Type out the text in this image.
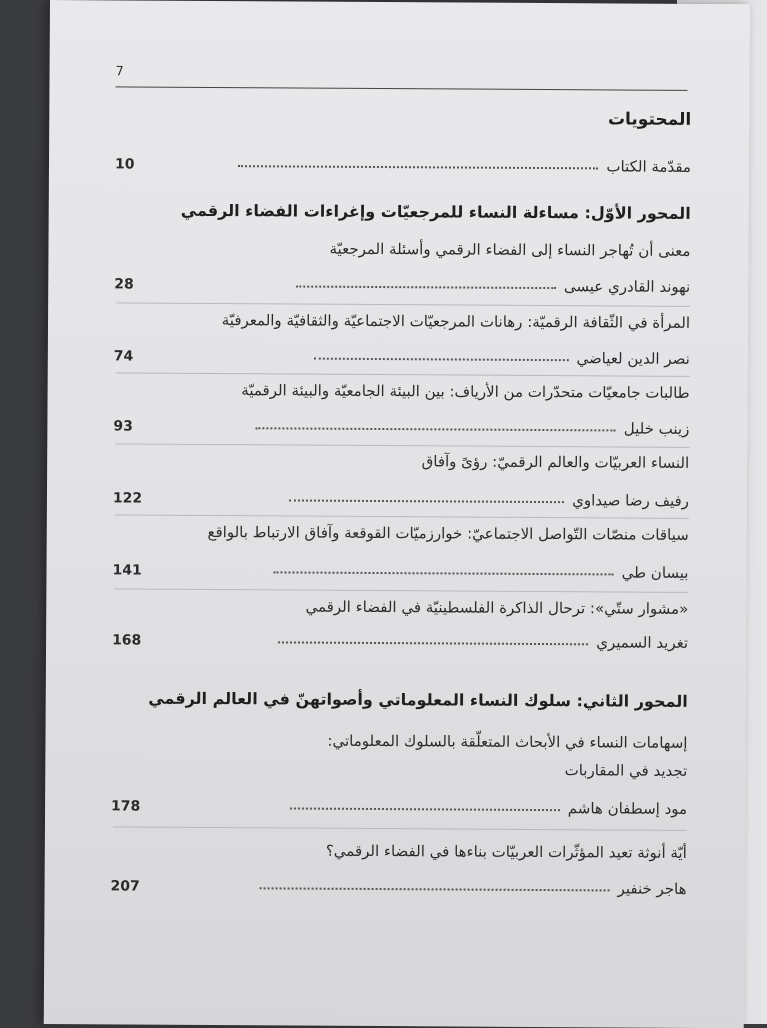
7
المحتويات
مقدّمة الكتاب
10
المحور الأوّل: مساءلة النساء للمرجعيّات وإغراءات الفضاء الرقمي
معنى أن تُهاجر النساء إلى الفضاء الرقمي وأسئلة المرجعيّة
نهوند القادري عيسى
28
المرأة في الثّقافة الرقميّة: رهانات المرجعيّات الاجتماعيّة والثقافيّة والمعرفيّة
نصر الدين لعياضي
74
طالبات جامعيّات متحدّرات من الأرياف: بين البيئة الجامعيّة والبيئة الرقميّة
زينب خليل
93
النساء العربيّات والعالم الرقميّ: رؤىً وآفاق
رفيف رضا صيداوي
122
سياقات منصّات التّواصل الاجتماعيّ: خوارزميّات القوقعة وآفاق الارتباط بالواقع
بيسان طي
141
«مشوار ستّي»: ترحال الذاكرة الفلسطينيّة في الفضاء الرقمي
تغريد السميري
168
المحور الثاني: سلوك النساء المعلوماتي وأصواتهنّ في العالم الرقمي
إسهامات النساء في الأبحاث المتعلّقة بالسلوك المعلوماتي:
تجديد في المقاربات
مود إسطفان هاشم
178
أيّة أنوثة تعيد المؤثّرات العربيّات بناءها في الفضاء الرقمي؟
هاجر خنفير
207
